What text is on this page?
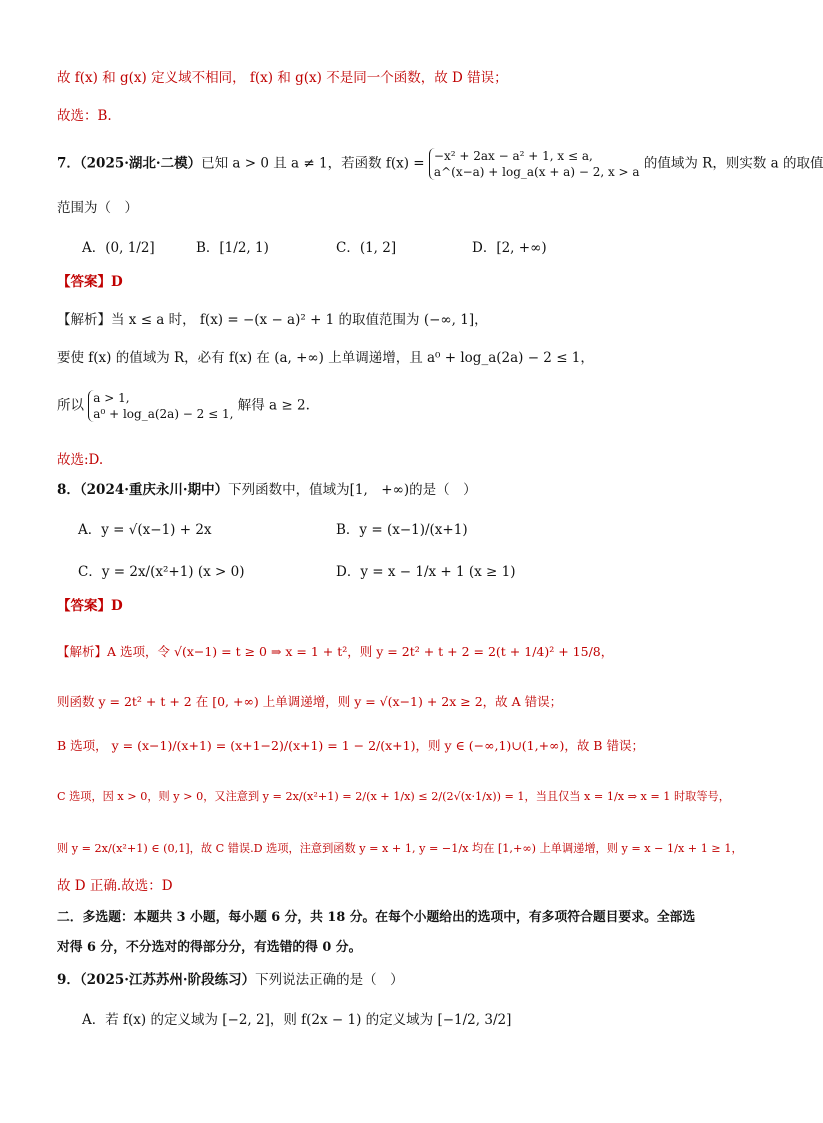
故 f(x) 和 g(x) 定义域不相同， f(x) 和 g(x) 不是同一个函数，故 D 错误；
故选：B.
7．（2025·湖北·二模）已知 a > 0 且 a ≠ 1，若函数 f(x) = −x² + 2ax − a² + 1, x ≤ a,
a^(x−a) + log_a(x + a) − 2, x > a
的值域为 R，则实数 a 的取值
范围为（　）
A．(0, 1/2]	B．[1/2, 1)	C．(1, 2]	D．[2, +∞)
【答案】D
【解析】当 x ≤ a 时， f(x) = −(x − a)² + 1 的取值范围为 (−∞, 1]，
要使 f(x) 的值域为 R，必有 f(x) 在 (a, +∞) 上单调递增，且 a⁰ + log_a(2a) − 2 ≤ 1，
所以 a > 1,
a⁰ + log_a(2a) − 2 ≤ 1,
解得 a ≥ 2.
故选:D.
8．（2024·重庆永川·期中）下列函数中，值域为[1,　+∞)的是（　）
A．y = √(x−1) + 2x	B．y = (x−1)/(x+1)
C．y = 2x/(x²+1) (x > 0)	D．y = x − 1/x + 1 (x ≥ 1)
【答案】D
【解析】A 选项，令 √(x−1) = t ≥ 0 ⇒ x = 1 + t²，则 y = 2t² + t + 2 = 2(t + 1/4)² + 15/8，
则函数 y = 2t² + t + 2 在 [0, +∞) 上单调递增，则 y = √(x−1) + 2x ≥ 2，故 A 错误；
B 选项， y = (x−1)/(x+1) = (x+1−2)/(x+1) = 1 − 2/(x+1)，则 y ∈ (−∞,1)∪(1,+∞)，故 B 错误；
C 选项，因 x > 0，则 y > 0，又注意到 y = 2x/(x²+1) = 2/(x + 1/x) ≤ 2/(2√(x·1/x)) = 1，当且仅当 x = 1/x ⇒ x = 1 时取等号，
则 y = 2x/(x²+1) ∈ (0,1]，故 C 错误.D 选项，注意到函数 y = x + 1, y = −1/x 均在 [1,+∞) 上单调递增，则 y = x − 1/x + 1 ≥ 1，
故 D 正确.故选：D
二．多选题：本题共 3 小题，每小题 6 分，共 18 分。在每个小题给出的选项中，有多项符合题目要求。全部选
对得 6 分，不分选对的得部分分，有选错的得 0 分。
9．（2025·江苏苏州·阶段练习）下列说法正确的是（　）
A．若 f(x) 的定义域为 [−2, 2]，则 f(2x − 1) 的定义域为 [−1/2, 3/2]
